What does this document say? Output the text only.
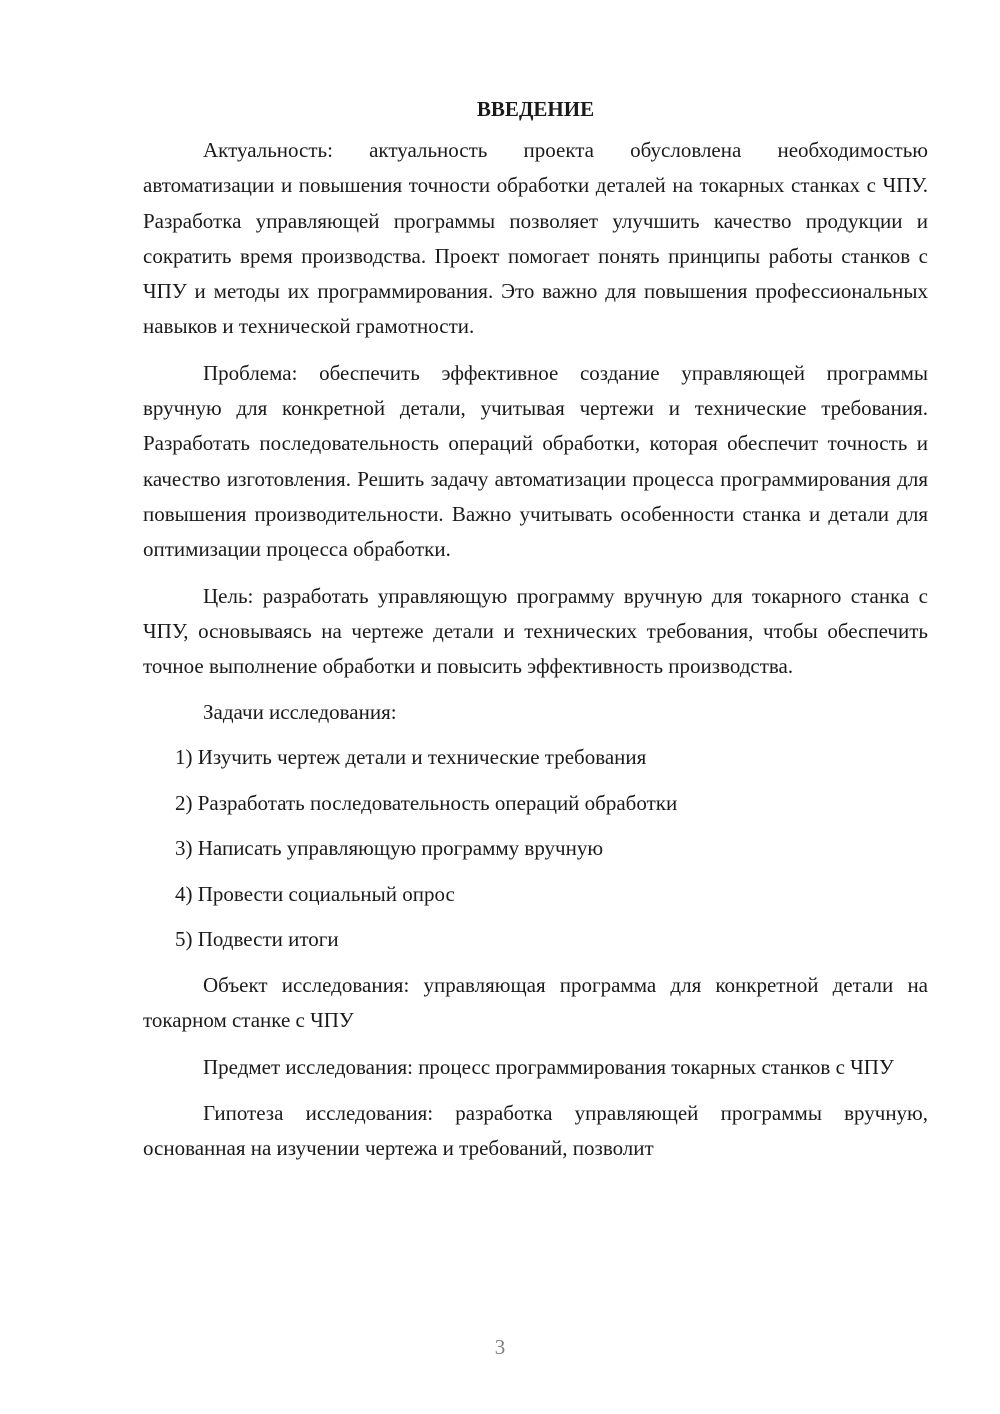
ВВЕДЕНИЕ

Актуальность: актуальность проекта обусловлена необходимостью автоматизации и повышения точности обработки деталей на токарных станках с ЧПУ. Разработка управляющей программы позволяет улучшить качество продукции и сократить время производства. Проект помогает понять принципы работы станков с ЧПУ и методы их программирования. Это важно для повышения профессиональных навыков и технической грамотности.

Проблема: обеспечить эффективное создание управляющей программы вручную для конкретной детали, учитывая чертежи и технические требования. Разработать последовательность операций обработки, которая обеспечит точность и качество изготовления. Решить задачу автоматизации процесса программирования для повышения производительности. Важно учитывать особенности станка и детали для оптимизации процесса обработки.

Цель: разработать управляющую программу вручную для токарного станка с ЧПУ, основываясь на чертеже детали и технических требования, чтобы обеспечить точное выполнение обработки и повысить эффективность производства.

Задачи исследования:
1) Изучить чертеж детали и технические требования
2) Разработать последовательность операций обработки
3) Написать управляющую программу вручную
4) Провести социальный опрос
5) Подвести итоги

Объект исследования: управляющая программа для конкретной детали на токарном станке с ЧПУ

Предмет исследования: процесс программирования токарных станков с ЧПУ

Гипотеза исследования: разработка управляющей программы вручную, основанная на изучении чертежа и требований, позволит

3
